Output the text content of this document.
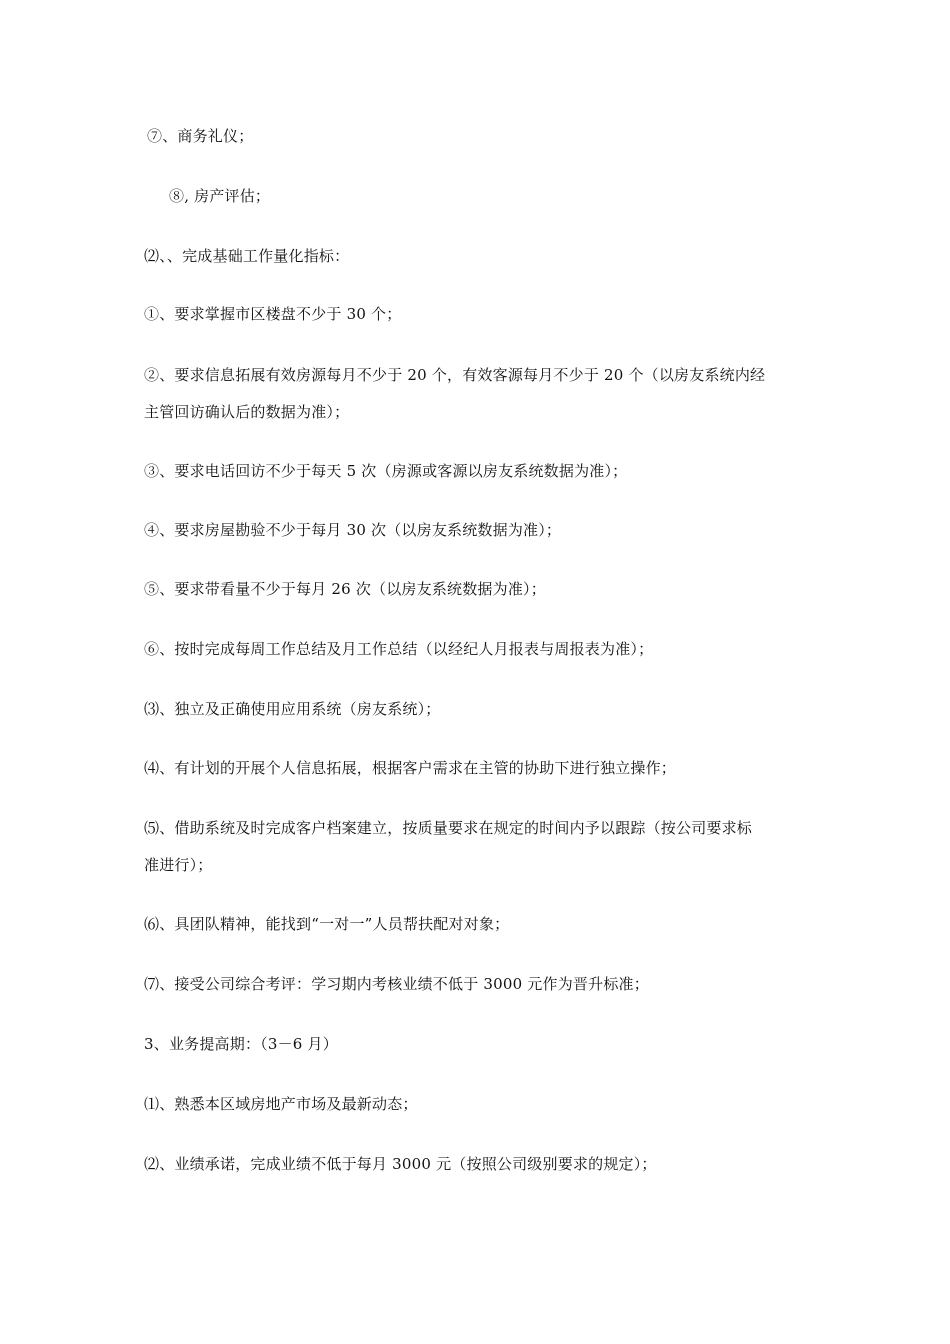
⑦、商务礼仪；
⑧, 房产评估；
⑵、、完成基础工作量化指标：
①、要求掌握市区楼盘不少于 30 个；
②、要求信息拓展有效房源每月不少于 20 个，有效客源每月不少于 20 个（以房友系统内经
主管回访确认后的数据为准）；
③、要求电话回访不少于每天 5 次（房源或客源以房友系统数据为准）；
④、要求房屋勘验不少于每月 30 次（以房友系统数据为准）；
⑤、要求带看量不少于每月 26 次（以房友系统数据为准）；
⑥、按时完成每周工作总结及月工作总结（以经纪人月报表与周报表为准）；
⑶、独立及正确使用应用系统（房友系统）；
⑷、有计划的开展个人信息拓展，根据客户需求在主管的协助下进行独立操作；
⑸、借助系统及时完成客户档案建立，按质量要求在规定的时间内予以跟踪（按公司要求标
准进行）；
⑹、具团队精神，能找到“一对一”人员帮扶配对对象；
⑺、接受公司综合考评：学习期内考核业绩不低于 3000 元作为晋升标准；
3、业务提高期：（3－6 月）
⑴、熟悉本区域房地产市场及最新动态；
⑵、业绩承诺，完成业绩不低于每月 3000 元（按照公司级别要求的规定）；
